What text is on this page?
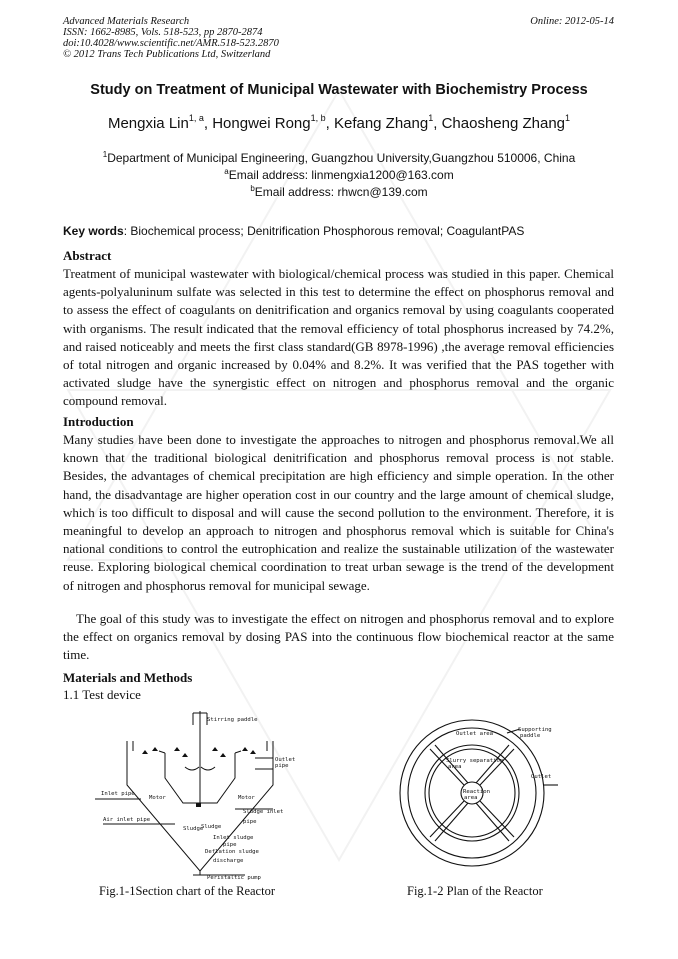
Advanced Materials Research
ISSN: 1662-8985, Vols. 518-523, pp 2870-2874
doi:10.4028/www.scientific.net/AMR.518-523.2870
© 2012 Trans Tech Publications Ltd, Switzerland
Online: 2012-05-14
Study on Treatment of Municipal Wastewater with Biochemistry Process
Mengxia Lin$^{1, a}$, Hongwei Rong$^{1, b}$, Kefang Zhang$^1$, Chaosheng Zhang$^1$
$^1$Department of Municipal Engineering, Guangzhou University,Guangzhou 510006, China
$^a$Email address: linmengxia1200@163.com
$^b$Email address: rhwcn@139.com
Key words: Biochemical process; Denitrification Phosphorous removal; CoagulantPAS
Abstract

Treatment of municipal wastewater with biological/chemical process was studied in this paper. Chemical agents-polyaluninum sulfate was selected in this test to determine the effect on phosphorus removal and to assess the effect of coagulants on denitrification and organics removal by using coagulants cooperated with organisms. The result indicated that the removal efficiency of total phosphorus increased by 74.2%, and raised noticeably and meets the first class standard(GB 8978-1996) ,the average removal efficiencies of total nitrogen and organic increased by 0.04% and 8.2%. It was verified that the PAS together with activated sludge have the synergistic effect on nitrogen and phosphorus removal and the organic compound removal.

Introduction

Many studies have been done to investigate the approaches to nitrogen and phosphorus removal.We all known that the traditional biological denitrification and phosphorus removal process is not stable. Besides, the advantages of chemical precipitation are high efficiency and simple operation. In the other hand, the disadvantage are higher operation cost in our country and the large amount of chemical sludge, which is too difficult to disposal and will cause the second pollution to the environment. Therefore, it is meaningful to develop an approach to nitrogen and phosphorus removal which is suitable for China's national conditions to control the eutrophication and realize the sustainable utilization of the wastewater reuse. Exploring biological chemical coordination to treat urban sewage is the trend of the development of nitrogen and phosphorus removal for municipal sewage.

The goal of this study was to investigate the effect on nitrogen and phosphorus removal and to explore the effect on organics removal by dosing PAS into the continuous flow biochemical reactor at the same time.

Materials and Methods
1.1 Test device
Stirring paddle
Outlet
pipe
Inlet pipe
Motor	Motor
Sludge inlet
pipe
Air inlet pipe
Sludge
Sludge
Inlet sludge
pipe
Deflation sludge
discharge
Peristaltic pump
Supporting
paddle
Outlet area
Slurry separation
area
Outlet
Reaction
area
Fig.1-1Section chart of the Reactor	Fig.1-2 Plan of the Reactor
